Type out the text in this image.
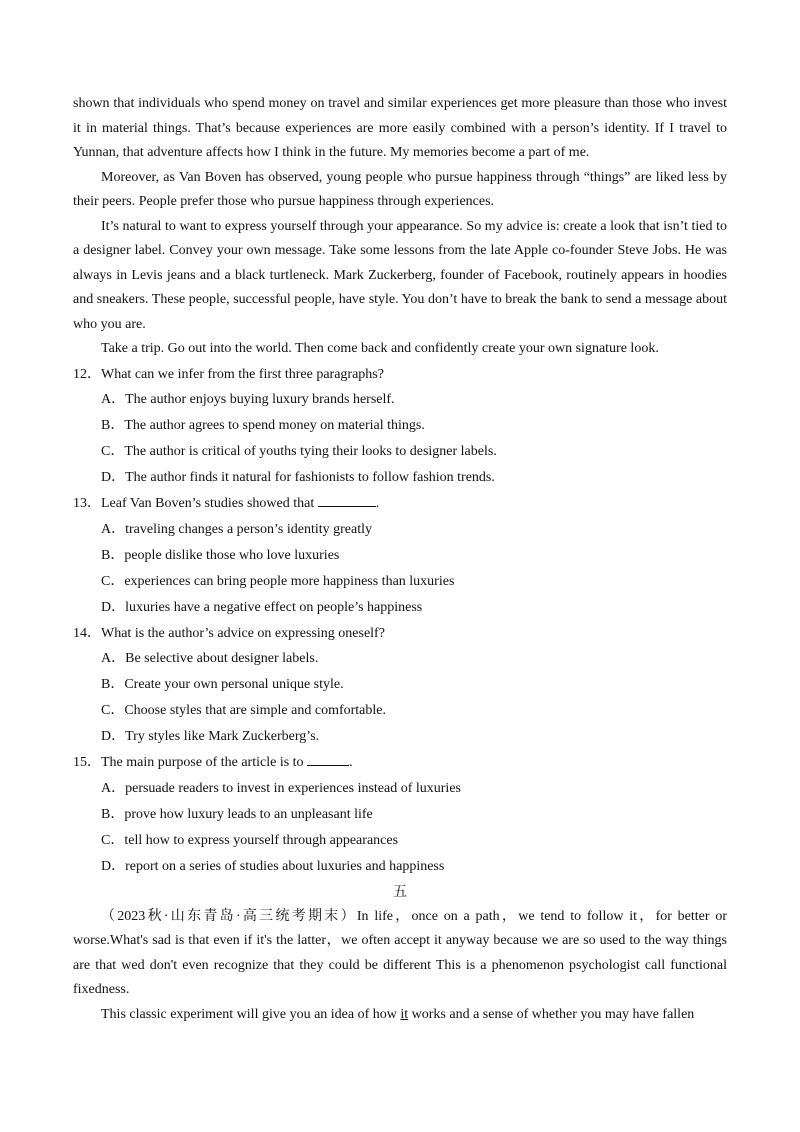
shown that individuals who spend money on travel and similar experiences get more pleasure than those who invest it in material things. That’s because experiences are more easily combined with a person’s identity. If I travel to Yunnan, that adventure affects how I think in the future. My memories become a part of me.

Moreover, as Van Boven has observed, young people who pursue happiness through “things” are liked less by their peers. People prefer those who pursue happiness through experiences.

It’s natural to want to express yourself through your appearance. So my advice is: create a look that isn’t tied to a designer label. Convey your own message. Take some lessons from the late Apple co-founder Steve Jobs. He was always in Levis jeans and a black turtleneck. Mark Zuckerberg, founder of Facebook, routinely appears in hoodies and sneakers. These people, successful people, have style. You don’t have to break the bank to send a message about who you are.

Take a trip. Go out into the world. Then come back and confidently create your own signature look.

12．What can we infer from the first three paragraphs?

A．The author enjoys buying luxury brands herself.

B．The author agrees to spend money on material things.

C．The author is critical of youths tying their looks to designer labels.

D．The author finds it natural for fashionists to follow fashion trends.

13．Leaf Van Boven’s studies showed that	.

A．traveling changes a person’s identity greatly

B．people dislike those who love luxuries

C．experiences can bring people more happiness than luxuries

D．luxuries have a negative effect on people’s happiness

14．What is the author’s advice on expressing oneself?

A．Be selective about designer labels.

B．Create your own personal unique style.

C．Choose styles that are simple and comfortable.

D．Try styles like Mark Zuckerberg’s.

15．The main purpose of the article is to	.

A．persuade readers to invest in experiences instead of luxuries

B．prove how luxury leads to an unpleasant life

C．tell how to express yourself through appearances

D．report on a series of studies about luxuries and happiness

五

（2023秋·山东青岛·高三统考期末）In life，once on a path，we tend to follow it，for better or worse.What's sad is that even if it's the latter，we often accept it anyway because we are so used to the way things are that wed don't even recognize that they could be different This is a phenomenon psychologist call functional fixedness.

This classic experiment will give you an idea of how it works and a sense of whether you may have fallen
